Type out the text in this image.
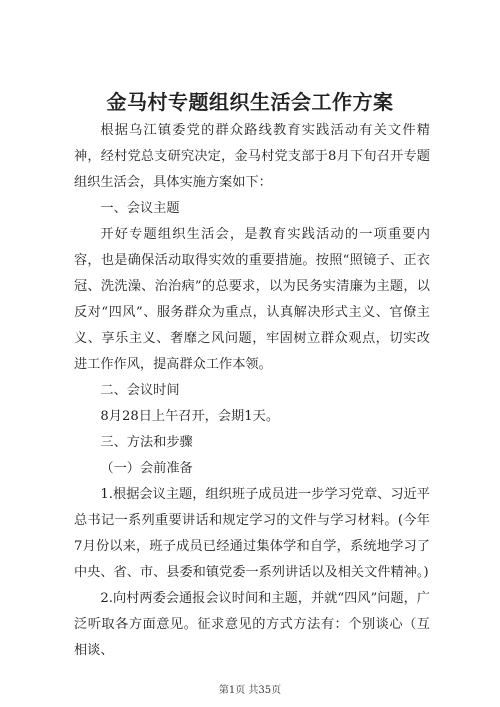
金马村专题组织生活会工作方案

根据乌江镇委党的群众路线教育实践活动有关文件精神，经村党总支研究决定，金马村党支部于8月下旬召开专题组织生活会，具体实施方案如下：

一、会议主题

开好专题组织生活会，是教育实践活动的一项重要内容，也是确保活动取得实效的重要措施。按照“照镜子、正衣冠、洗洗澡、治治病”的总要求，以为民务实清廉为主题，以反对“四风”、服务群众为重点，认真解决形式主义、官僚主义、享乐主义、奢靡之风问题，牢固树立群众观点，切实改进工作作风，提高群众工作本领。

二、会议时间

8月28日上午召开，会期1天。

三、方法和步骤

（一）会前准备

1.根据会议主题，组织班子成员进一步学习党章、习近平总书记一系列重要讲话和规定学习的文件与学习材料。(今年7月份以来，班子成员已经通过集体学和自学，系统地学习了中央、省、市、县委和镇党委一系列讲话以及相关文件精神。)

2.向村两委会通报会议时间和主题，并就“四风”问题，广泛听取各方面意见。征求意见的方式方法有：个别谈心（互相谈、

第1页 共35页
